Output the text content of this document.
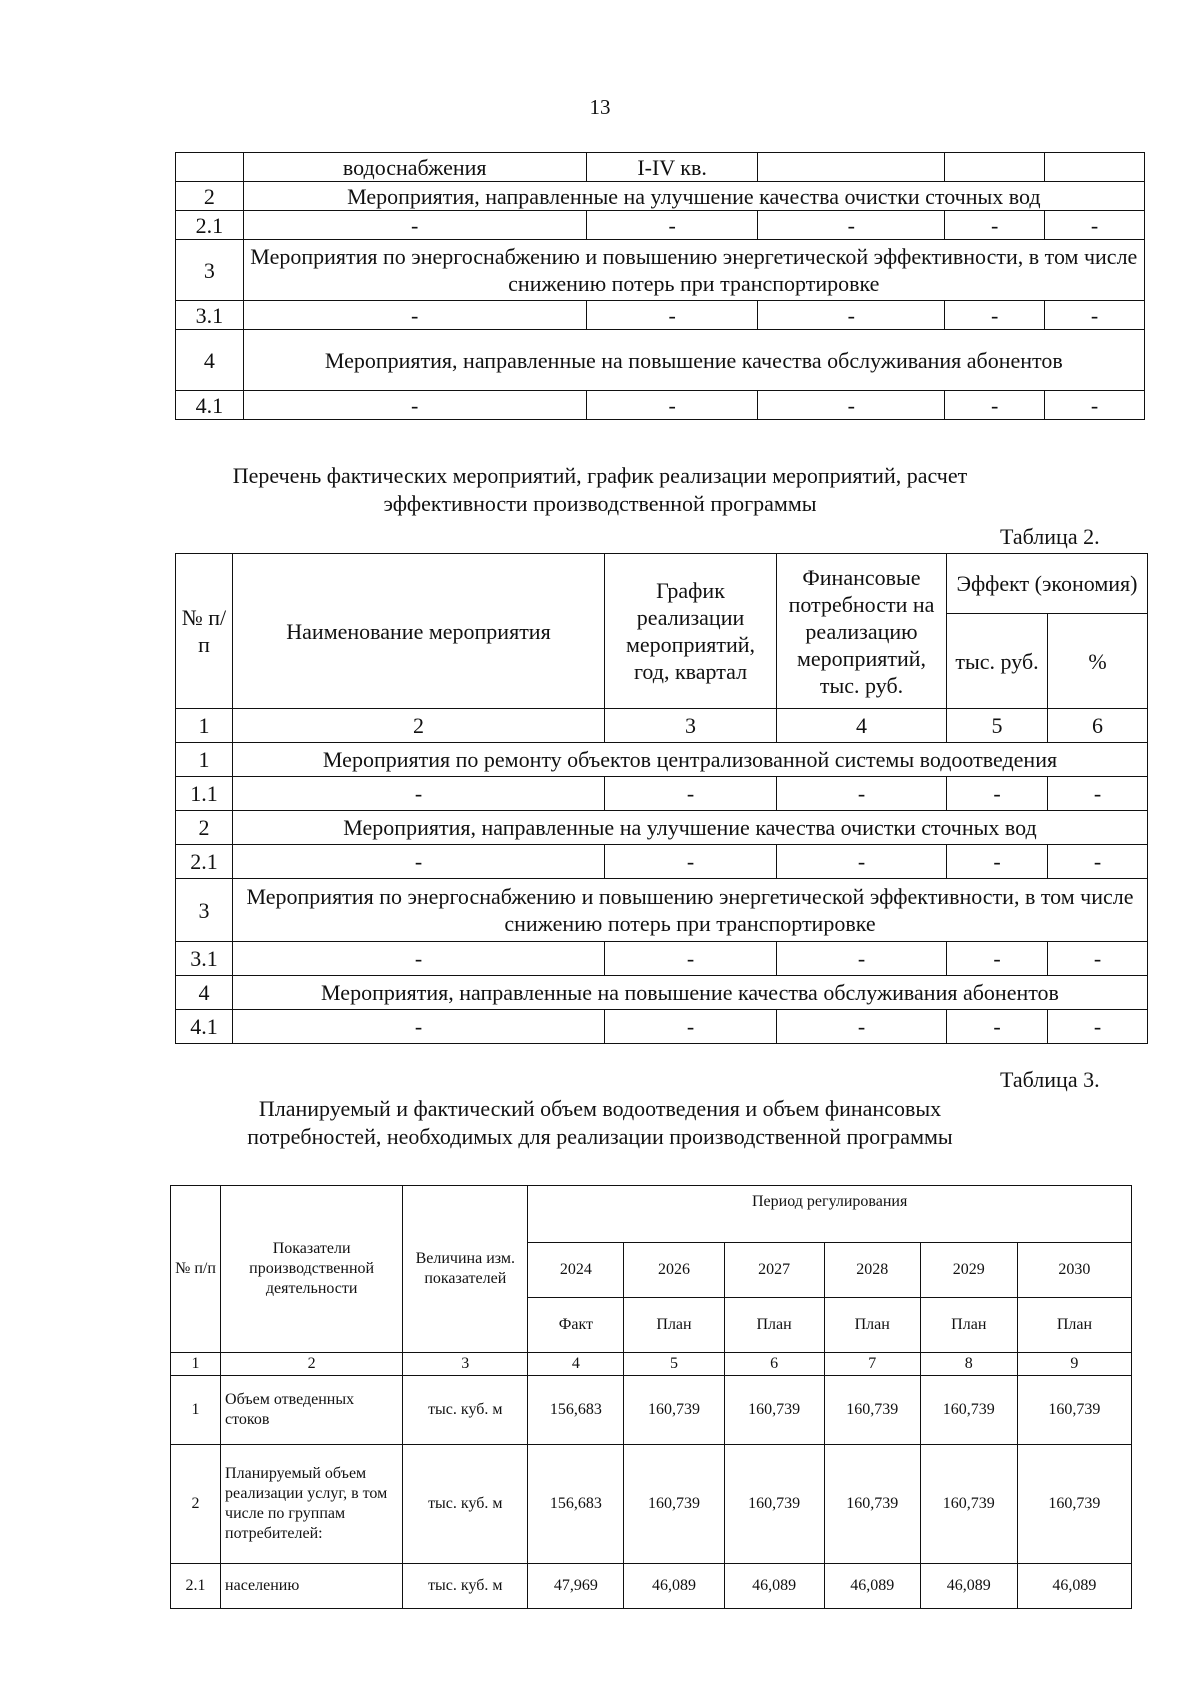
13
	водоснабжения	I-IV кв.			
2	Мероприятия, направленные на улучшение качества очистки сточных вод				
2.1	-	-	-	-	-
3	Мероприятия по энергоснабжению и повышению энергетической эффективности, в том числе снижению потерь при транспортировке				
3.1	-	-	-	-	-
4	Мероприятия, направленные на повышение качества обслуживания абонентов				
4.1	-	-	-	-	-
Перечень фактических мероприятий, график реализации мероприятий, расчет эффективности производственной программы
Таблица 2.
№ п/ п	Наименование мероприятия	График реализации мероприятий, год, квартал	Финансовые потребности на реализацию мероприятий, тыс. руб.	Эффект (экономия)	
				тыс. руб.	%
1	2	3	4	5	6
1	Мероприятия по ремонту объектов централизованной системы водоотведения				
1.1	-	-	-	-	-
2	Мероприятия, направленные на улучшение качества очистки сточных вод				
2.1	-	-	-	-	-
3	Мероприятия по энергоснабжению и повышению энергетической эффективности, в том числе снижению потерь при транспортировке				
3.1	-	-	-	-	-
4	Мероприятия, направленные на повышение качества обслуживания абонентов				
4.1	-	-	-	-	-
Таблица 3.
Планируемый и фактический объем водоотведения и объем финансовых потребностей, необходимых для реализации производственной программы
№ п/п	Показатели производственной деятельности	Величина изм. показателей	Период регулирования					
			2024	2026	2027	2028	2029	2030
			Факт	План	План	План	План	План
1	2	3	4	5	6	7	8	9
1	Объем отведенных стоков	тыс. куб. м	156,683	160,739	160,739	160,739	160,739	160,739
2	Планируемый объем реализации услуг, в том числе по группам потребителей:	тыс. куб. м	156,683	160,739	160,739	160,739	160,739	160,739
2.1	населению	тыс. куб. м	47,969	46,089	46,089	46,089	46,089	46,089
